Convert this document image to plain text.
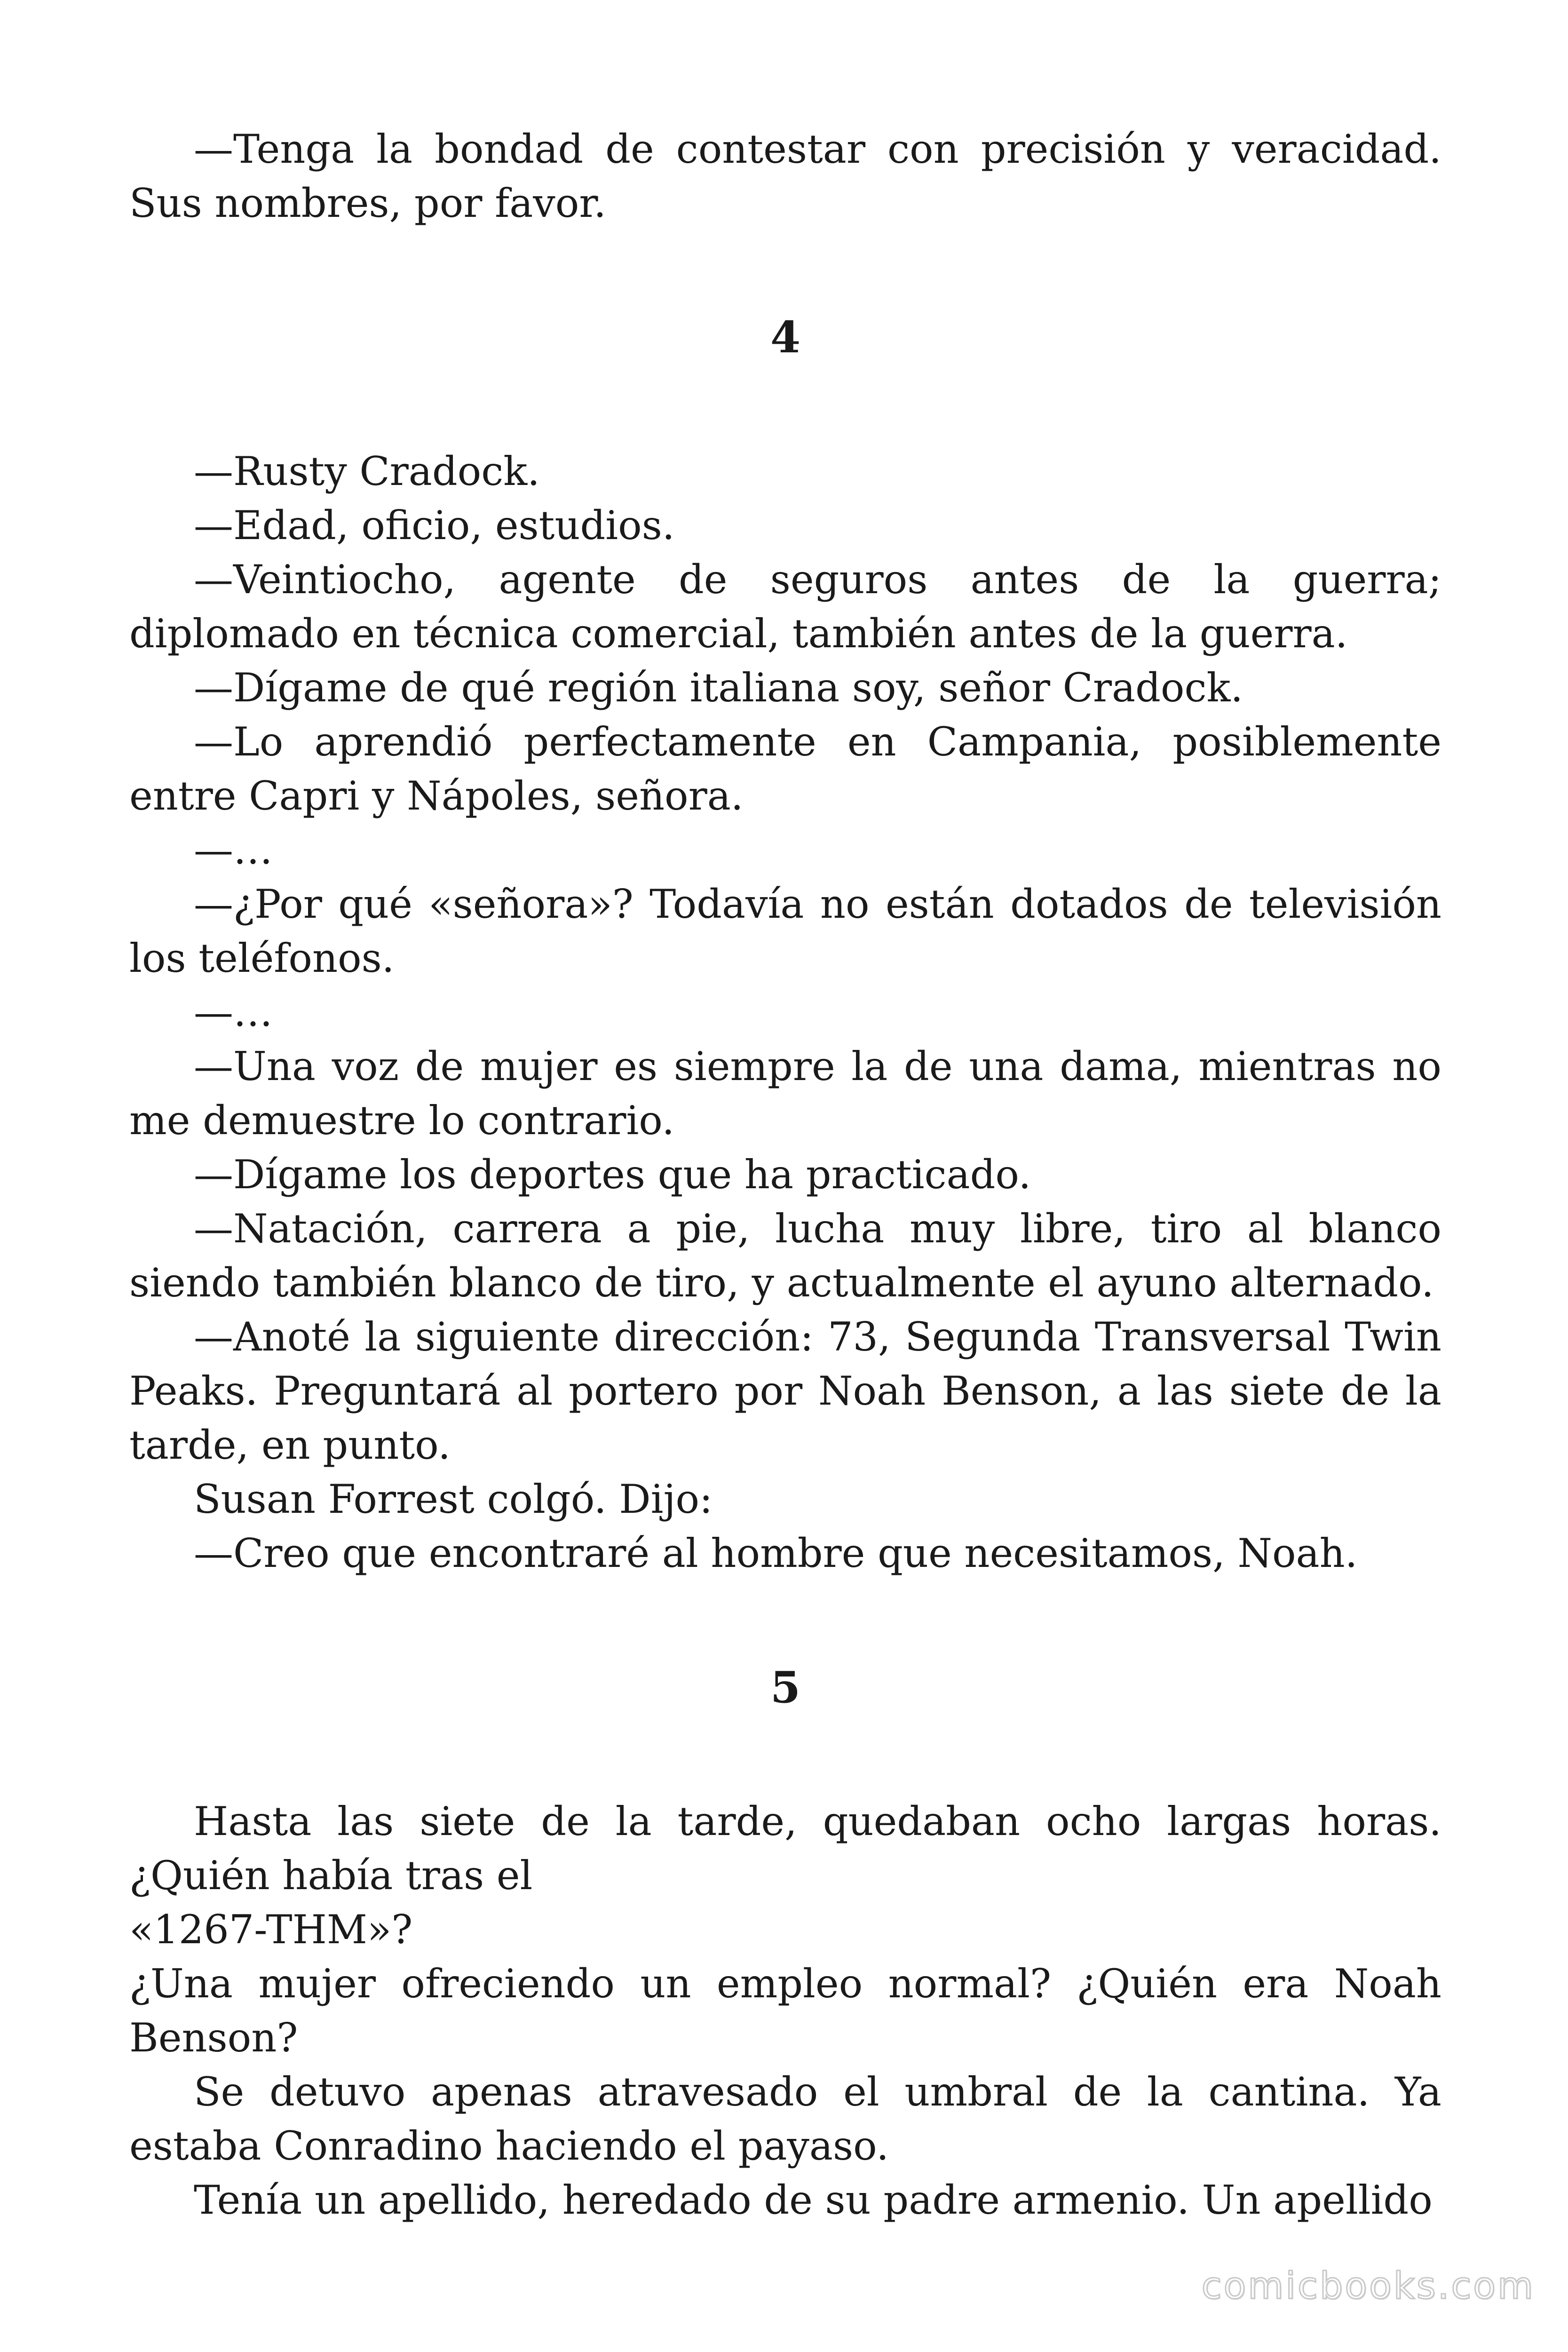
—Tenga la bondad de contestar con precisión y veracidad. Sus nombres, por favor.

4

—Rusty Cradock.

—Edad, oficio, estudios.

—Veintiocho, agente de seguros antes de la guerra; diplomado en técnica comercial, también antes de la guerra.

—Dígame de qué región italiana soy, señor Cradock.

—Lo aprendió perfectamente en Campania, posiblemente entre Capri y Nápoles, señora.

—…

—¿Por qué «señora»? Todavía no están dotados de televisión los teléfonos.

—…

—Una voz de mujer es siempre la de una dama, mientras no me demuestre lo contrario.

—Dígame los deportes que ha practicado.

—Natación, carrera a pie, lucha muy libre, tiro al blanco siendo también blanco de tiro, y actualmente el ayuno alternado.

—Anoté la siguiente dirección: 73, Segunda Transversal Twin Peaks. Preguntará al portero por Noah Benson, a las siete de la tarde, en punto.

Susan Forrest colgó. Dijo:

—Creo que encontraré al hombre que necesitamos, Noah.

5

Hasta las siete de la tarde, quedaban ocho largas horas. ¿Quién había tras el

«1267-THM»?

¿Una mujer ofreciendo un empleo normal? ¿Quién era Noah Benson?

Se detuvo apenas atravesado el umbral de la cantina. Ya estaba Conradino haciendo el payaso.

Tenía un apellido, heredado de su padre armenio. Un apellido

comicbooks.com
